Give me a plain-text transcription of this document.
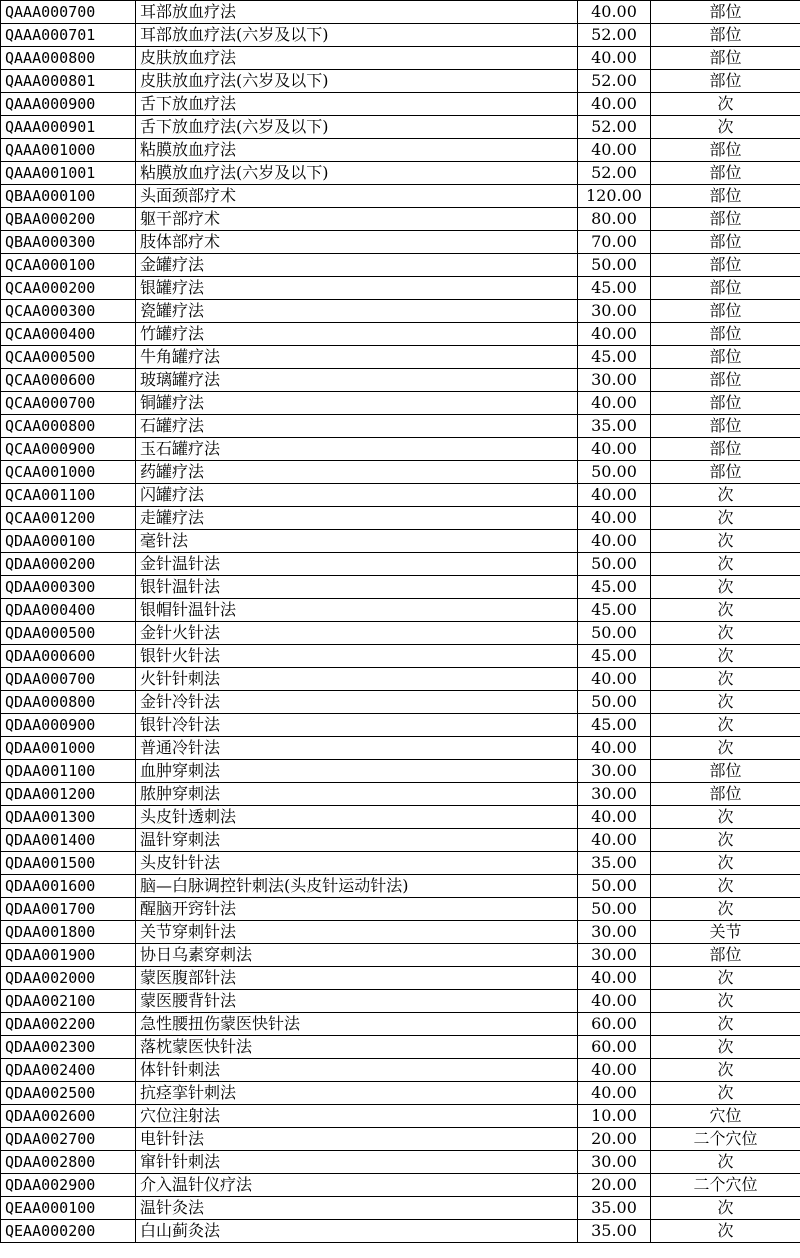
QAAA000700	耳部放血疗法	40.00	部位
QAAA000701	耳部放血疗法(六岁及以下)	52.00	部位
QAAA000800	皮肤放血疗法	40.00	部位
QAAA000801	皮肤放血疗法(六岁及以下)	52.00	部位
QAAA000900	舌下放血疗法	40.00	次
QAAA000901	舌下放血疗法(六岁及以下)	52.00	次
QAAA001000	粘膜放血疗法	40.00	部位
QAAA001001	粘膜放血疗法(六岁及以下)	52.00	部位
QBAA000100	头面颈部疗术	120.00	部位
QBAA000200	躯干部疗术	80.00	部位
QBAA000300	肢体部疗术	70.00	部位
QCAA000100	金罐疗法	50.00	部位
QCAA000200	银罐疗法	45.00	部位
QCAA000300	瓷罐疗法	30.00	部位
QCAA000400	竹罐疗法	40.00	部位
QCAA000500	牛角罐疗法	45.00	部位
QCAA000600	玻璃罐疗法	30.00	部位
QCAA000700	铜罐疗法	40.00	部位
QCAA000800	石罐疗法	35.00	部位
QCAA000900	玉石罐疗法	40.00	部位
QCAA001000	药罐疗法	50.00	部位
QCAA001100	闪罐疗法	40.00	次
QCAA001200	走罐疗法	40.00	次
QDAA000100	毫针法	40.00	次
QDAA000200	金针温针法	50.00	次
QDAA000300	银针温针法	45.00	次
QDAA000400	银帽针温针法	45.00	次
QDAA000500	金针火针法	50.00	次
QDAA000600	银针火针法	45.00	次
QDAA000700	火针针刺法	40.00	次
QDAA000800	金针冷针法	50.00	次
QDAA000900	银针冷针法	45.00	次
QDAA001000	普通冷针法	40.00	次
QDAA001100	血肿穿刺法	30.00	部位
QDAA001200	脓肿穿刺法	30.00	部位
QDAA001300	头皮针透刺法	40.00	次
QDAA001400	温针穿刺法	40.00	次
QDAA001500	头皮针针法	35.00	次
QDAA001600	脑—白脉调控针刺法(头皮针运动针法)	50.00	次
QDAA001700	醒脑开窍针法	50.00	次
QDAA001800	关节穿刺针法	30.00	关节
QDAA001900	协日乌素穿刺法	30.00	部位
QDAA002000	蒙医腹部针法	40.00	次
QDAA002100	蒙医腰背针法	40.00	次
QDAA002200	急性腰扭伤蒙医快针法	60.00	次
QDAA002300	落枕蒙医快针法	60.00	次
QDAA002400	体针针刺法	40.00	次
QDAA002500	抗痉挛针刺法	40.00	次
QDAA002600	穴位注射法	10.00	穴位
QDAA002700	电针针法	20.00	二个穴位
QDAA002800	窜针针刺法	30.00	次
QDAA002900	介入温针仪疗法	20.00	二个穴位
QEAA000100	温针灸法	35.00	次
QEAA000200	白山蓟灸法	35.00	次
